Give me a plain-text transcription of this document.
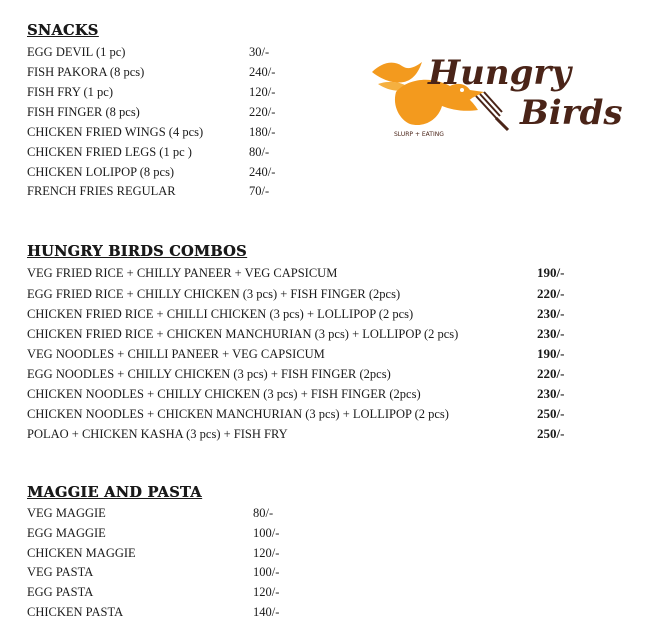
SNACKS
EGG DEVIL (1 pc)	30/-
FISH PAKORA (8 pcs)	240/-
FISH FRY (1 pc)	120/-
FISH FINGER (8 pcs)	220/-
CHICKEN FRIED WINGS (4 pcs)	180/-
CHICKEN FRIED LEGS (1 pc )	80/-
CHICKEN LOLIPOP (8 pcs)	240/-
FRENCH FRIES REGULAR	70/-
Hungry
Birds
SLURP + EATING
HUNGRY BIRDS COMBOS
VEG FRIED RICE + CHILLY PANEER + VEG CAPSICUM	190/-
EGG FRIED RICE + CHILLY CHICKEN (3 pcs) + FISH FINGER (2pcs)	220/-
CHICKEN FRIED RICE + CHILLI CHICKEN (3 pcs) + LOLLIPOP (2 pcs)	230/-
CHICKEN FRIED RICE + CHICKEN MANCHURIAN (3 pcs) + LOLLIPOP (2 pcs)	230/-
VEG NOODLES + CHILLI PANEER + VEG CAPSICUM	190/-
EGG NOODLES + CHILLY CHICKEN (3 pcs) + FISH FINGER (2pcs)	220/-
CHICKEN NOODLES + CHILLY CHICKEN (3 pcs) + FISH FINGER (2pcs)	230/-
CHICKEN NOODLES + CHICKEN MANCHURIAN (3 pcs) + LOLLIPOP (2 pcs)	250/-
POLAO + CHICKEN KASHA (3 pcs) + FISH FRY	250/-
MAGGIE AND PASTA
VEG MAGGIE	80/-
EGG MAGGIE	100/-
CHICKEN MAGGIE	120/-
VEG PASTA	100/-
EGG PASTA	120/-
CHICKEN PASTA	140/-
